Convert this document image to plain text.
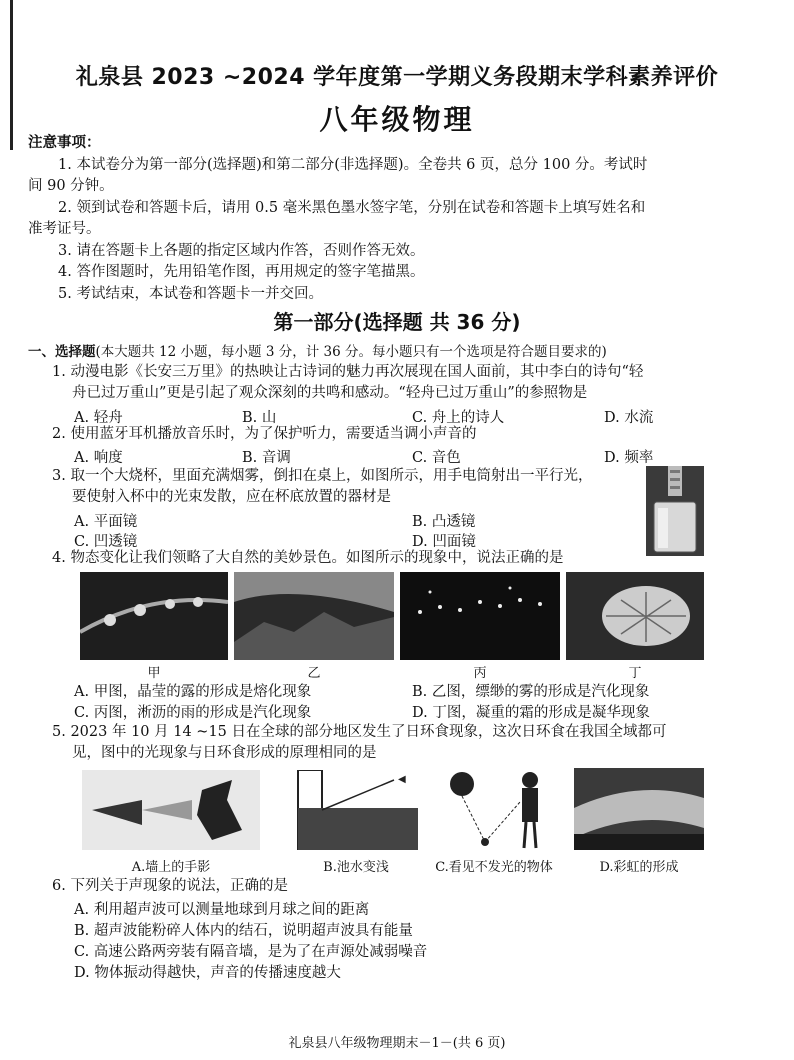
礼泉县 2023 ~2024 学年度第一学期义务段期末学科素养评价
八年级物理
注意事项：
1. 本试卷分为第一部分(选择题)和第二部分(非选择题)。全卷共 6 页，总分 100 分。考试时
间 90 分钟。
2. 领到试卷和答题卡后，请用 0.5 毫米黑色墨水签字笔，分别在试卷和答题卡上填写姓名和
准考证号。
3. 请在答题卡上各题的指定区域内作答，否则作答无效。
4. 答作图题时，先用铅笔作图，再用规定的签字笔描黑。
5. 考试结束，本试卷和答题卡一并交回。
第一部分(选择题 共 36 分)
一、选择题(本大题共 12 小题，每小题 3 分，计 36 分。每小题只有一个选项是符合题目要求的)
1. 动漫电影《长安三万里》的热映让古诗词的魅力再次展现在国人面前，其中李白的诗句“轻
舟已过万重山”更是引起了观众深刻的共鸣和感动。“轻舟已过万重山”的参照物是
A. 轻舟	B. 山	C. 舟上的诗人	D. 水流
2. 使用蓝牙耳机播放音乐时，为了保护听力，需要适当调小声音的
A. 响度	B. 音调	C. 音色	D. 频率
3. 取一个大烧杯，里面充满烟雾，倒扣在桌上，如图所示，用手电筒射出一平行光，
要使射入杯中的光束发散，应在杯底放置的器材是
A. 平面镜	B. 凸透镜
C. 凹透镜	D. 凹面镜
4. 物态变化让我们领略了大自然的美妙景色。如图所示的现象中，说法正确的是
甲	乙	丙	丁
A. 甲图，晶莹的露的形成是熔化现象	B. 乙图，缥缈的雾的形成是汽化现象
C. 丙图，淅沥的雨的形成是汽化现象	D. 丁图，凝重的霜的形成是凝华现象
5. 2023 年 10 月 14 ~15 日在全球的部分地区发生了日环食现象，这次日环食在我国全域都可
见，图中的光现象与日环食形成的原理相同的是
◀
A.墙上的手影	B.池水变浅	C.看见不发光的物体	D.彩虹的形成
6. 下列关于声现象的说法，正确的是
A. 利用超声波可以测量地球到月球之间的距离
B. 超声波能粉碎人体内的结石，说明超声波具有能量
C. 高速公路两旁装有隔音墙，是为了在声源处减弱噪音
D. 物体振动得越快，声音的传播速度越大
礼泉县八年级物理期末－1－(共 6 页)
